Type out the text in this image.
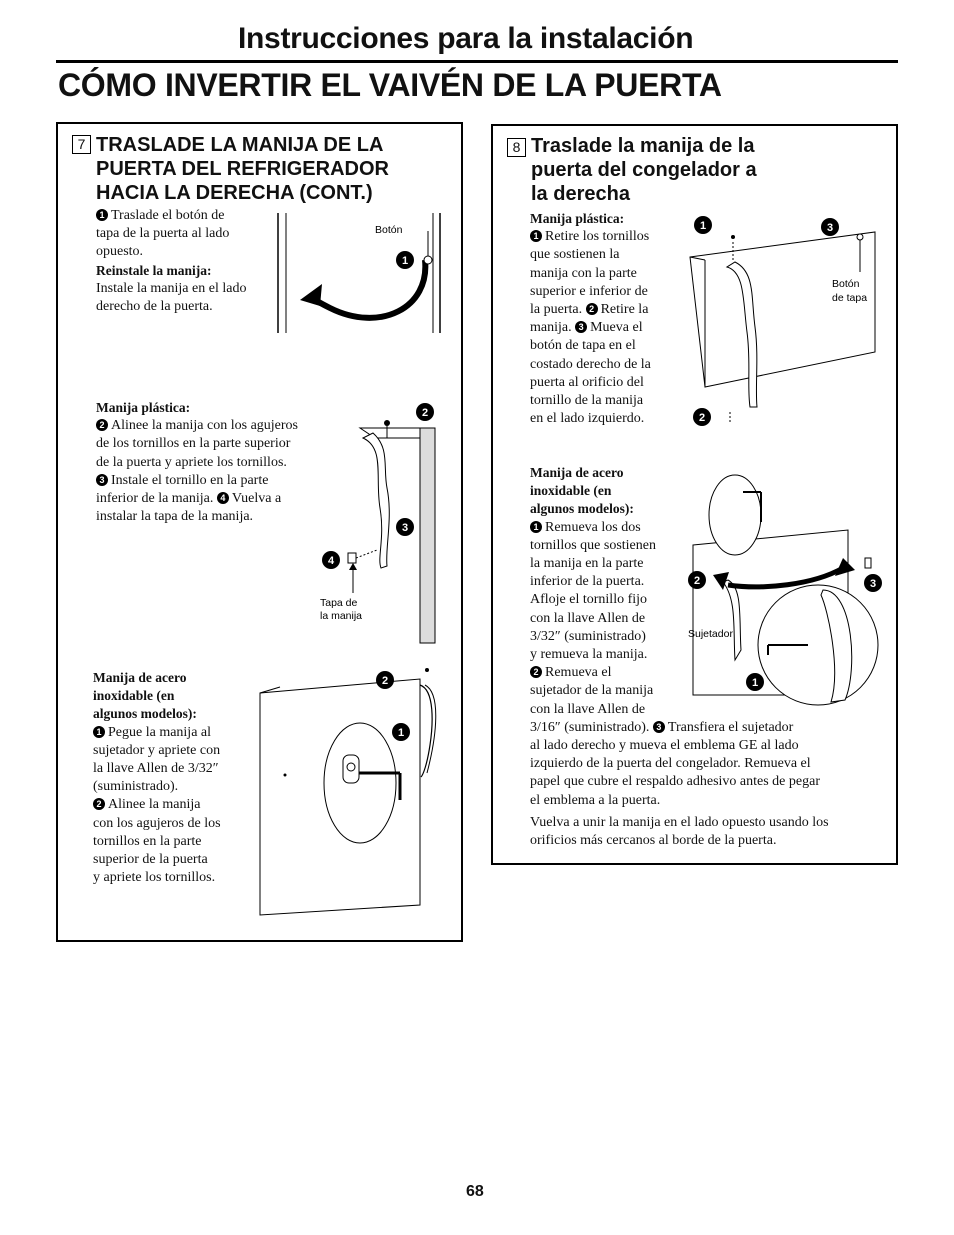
Instrucciones para la instalación
CÓMO INVERTIR EL VAIVÉN DE LA PUERTA
7 TRASLADE LA MANIJA DE LA
PUERTA DEL REFRIGERADOR
HACIA LA DERECHA (CONT.)
1 Traslade el botón de
tapa de la puerta al lado
opuesto.
Reinstale la manija:
Instale la manija en el lado
derecho de la puerta.
Manija plástica:
2 Alinee la manija con los agujeros
de los tornillos en la parte superior
de la puerta y apriete los tornillos.
3 Instale el tornillo en la parte
inferior de la manija. 4 Vuelva a
instalar la tapa de la manija.
Manija de acero
inoxidable (en
algunos modelos):
1 Pegue la manija al
sujetador y apriete con
la llave Allen de 3/32″
(suministrado).
2 Alinee la manija
con los agujeros de los
tornillos en la parte
superior de la puerta
y apriete los tornillos.
Botón
1
2
3
4
Tapa de
la manija
2
1
8 Traslade la manija de la
puerta del congelador a
la derecha
Manija plástica:
1 Retire los tornillos
que sostienen la
manija con la parte
superior e inferior de
la puerta. 2 Retire la
manija. 3 Mueva el
botón de tapa en el
costado derecho de la
puerta al orificio del
tornillo de la manija
en el lado izquierdo.
Manija de acero
inoxidable (en
algunos modelos):
1 Remueva los dos
tornillos que sostienen
la manija en la parte
inferior de la puerta.
Afloje el tornillo fijo
con la llave Allen de
3/32″ (suministrado)
y remueva la manija.
2 Remueva el
sujetador de la manija
con la llave Allen de
3/16″ (suministrado). 3 Transfiera el sujetador
al lado derecho y mueva el emblema GE al lado
izquierdo de la puerta del congelador. Remueva el
papel que cubre el respaldo adhesivo antes de pegar
el emblema a la puerta.
Vuelva a unir la manija en el lado opuesto usando los
orificios más cercanos al borde de la puerta.
Botón
de tapa
1	3
2
Sujetador
2	3
1
68
